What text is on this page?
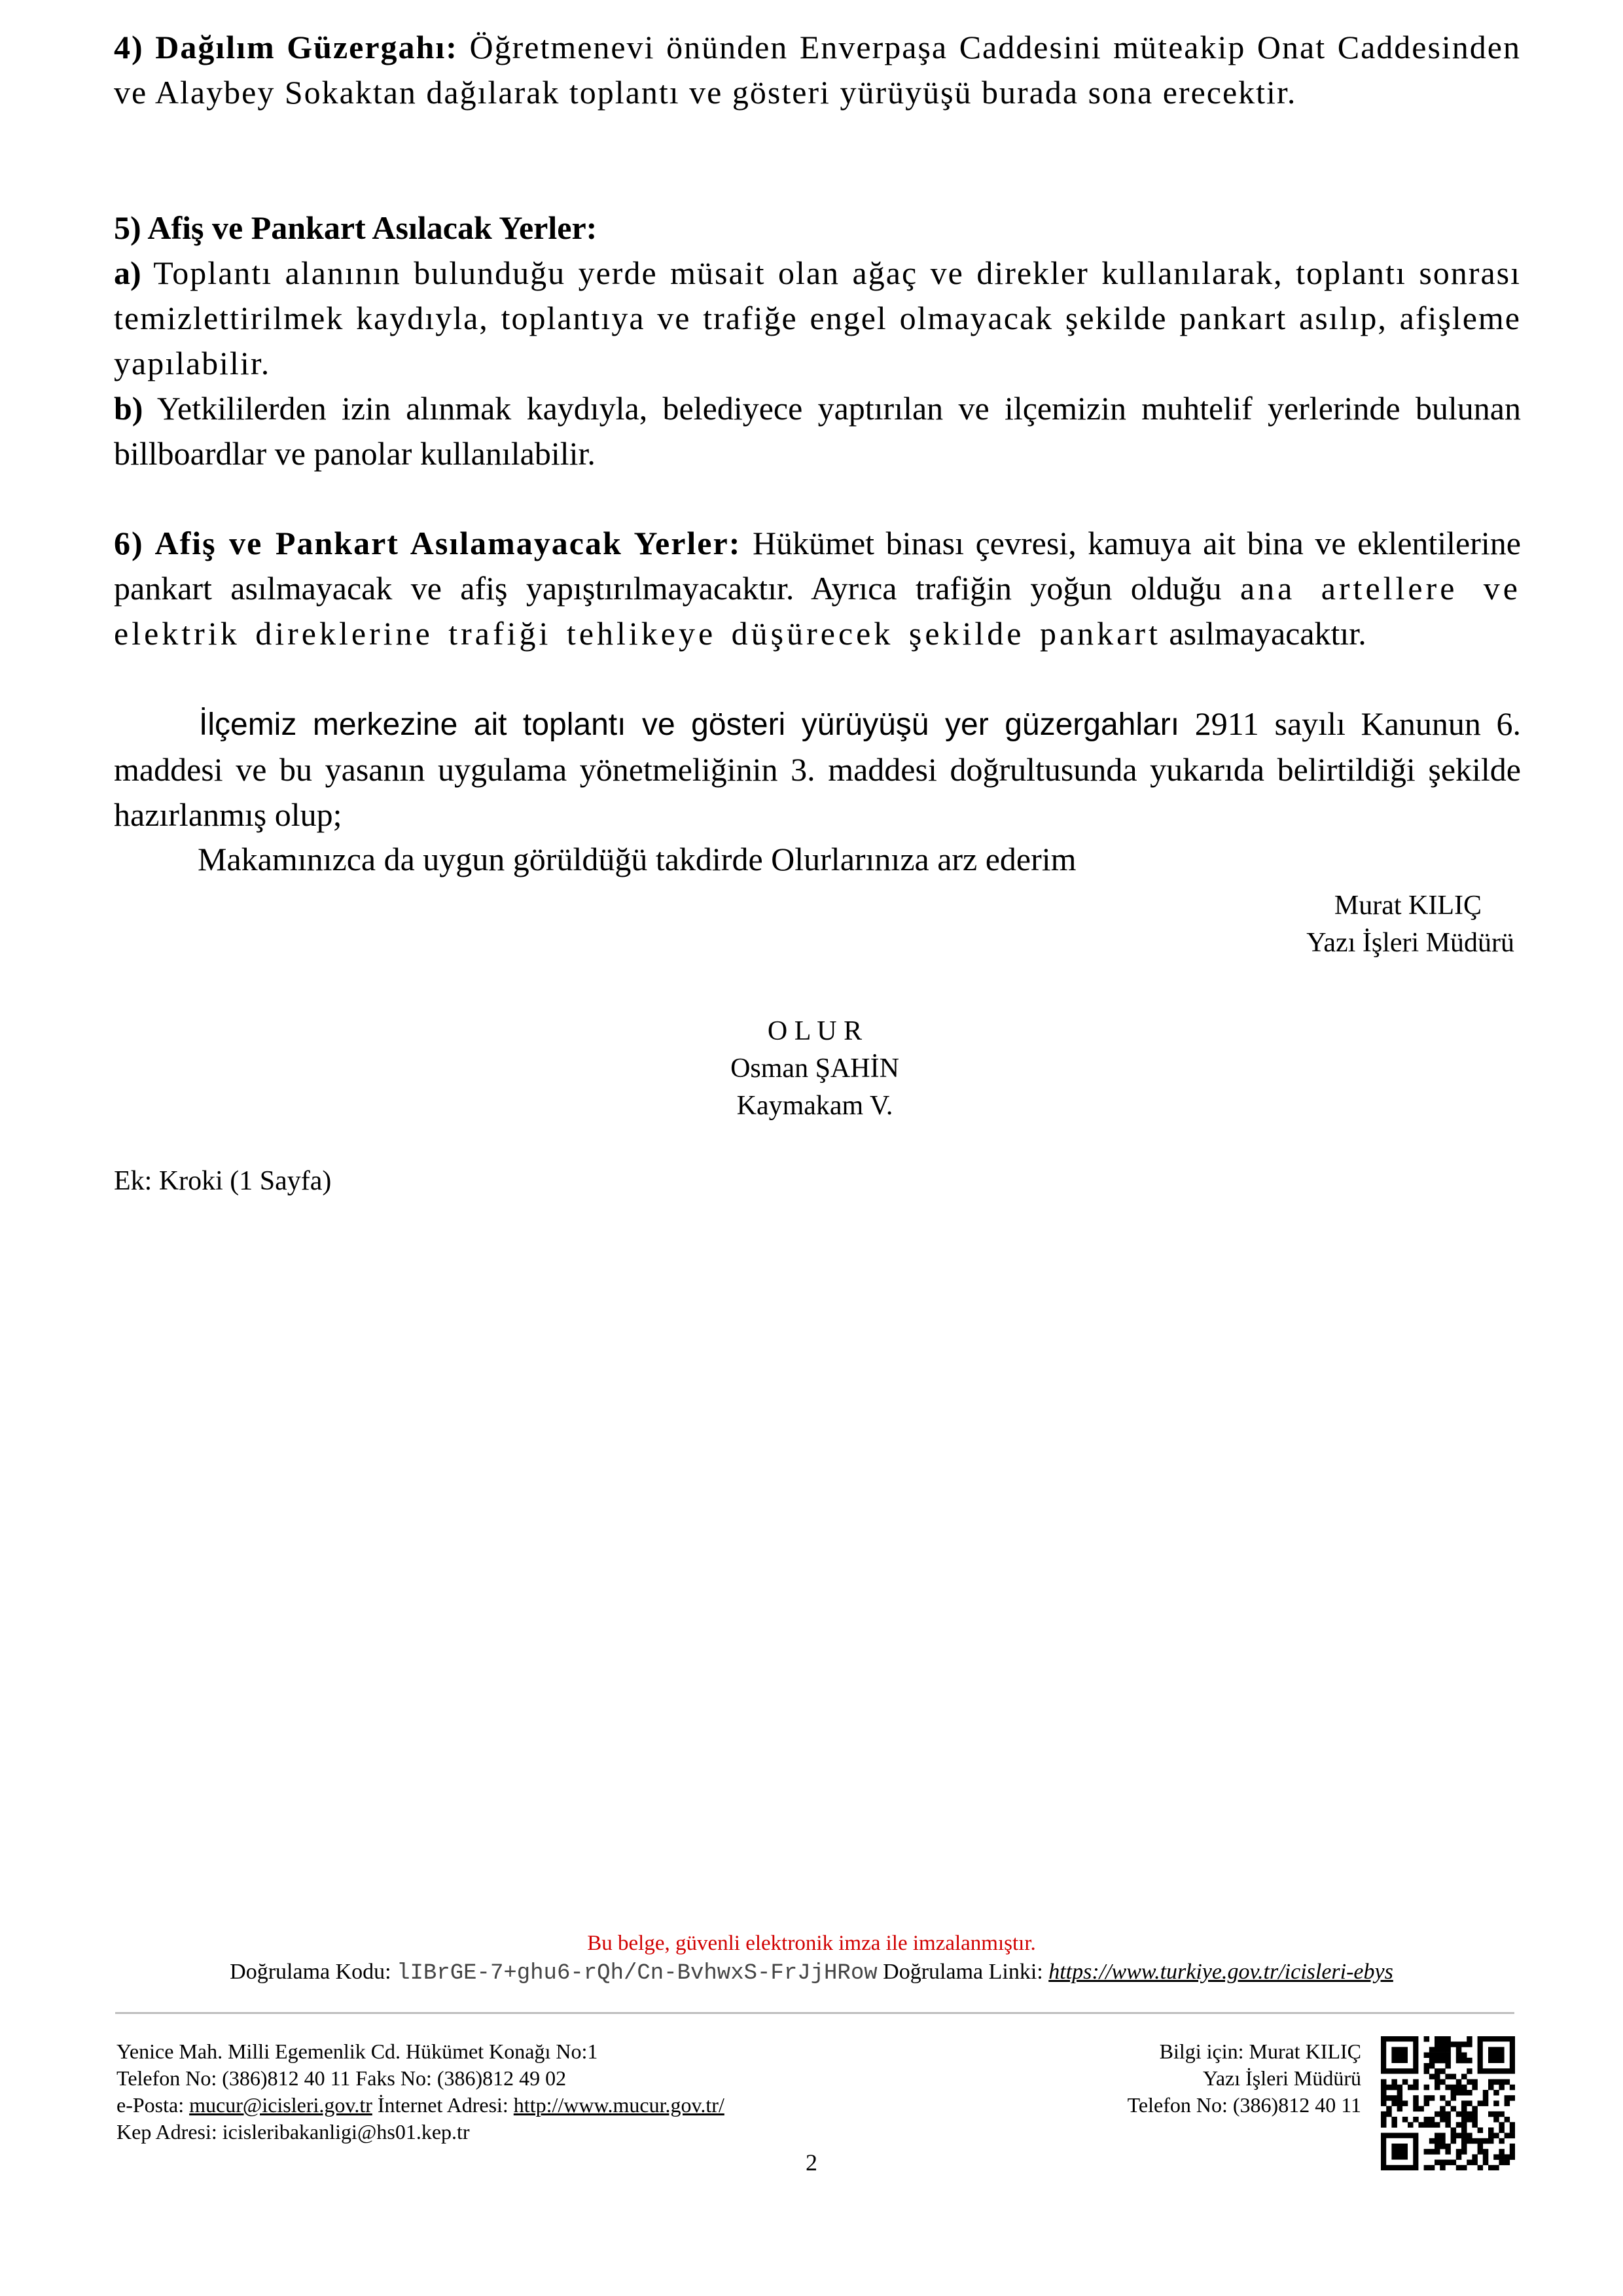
4) Dağılım Güzergahı: Öğretmenevi önünden Enverpaşa Caddesini müteakip Onat Caddesinden ve Alaybey Sokaktan dağılarak toplantı ve gösteri yürüyüşü burada sona erecektir.

5) Afiş ve Pankart Asılacak Yerler:
a) Toplantı alanının bulunduğu yerde müsait olan ağaç ve direkler kullanılarak, toplantı sonrası temizlettirilmek kaydıyla, toplantıya ve trafiğe engel olmayacak şekilde pankart asılıp, afişleme yapılabilir.
b) Yetkililerden izin alınmak kaydıyla, belediyece yaptırılan ve ilçemizin muhtelif yerlerinde bulunan billboardlar ve panolar kullanılabilir.

6) Afiş ve Pankart Asılamayacak Yerler: Hükümet binası çevresi, kamuya ait bina ve eklentilerine pankart asılmayacak ve afiş yapıştırılmayacaktır. Ayrıca trafiğin yoğun olduğu ana artellere ve elektrik direklerine trafiği tehlikeye düşürecek şekilde pankart asılmayacaktır.

İlçemiz merkezine ait toplantı ve gösteri yürüyüşü yer güzergahları 2911 sayılı Kanunun 6. maddesi ve bu yasanın uygulama yönetmeliğinin 3. maddesi doğrultusunda yukarıda belirtildiği şekilde hazırlanmış olup;

Makamınızca da uygun görüldüğü takdirde Olurlarınıza arz ederim

Murat KILIÇ
Yazı İşleri Müdürü
O L U R
Osman ŞAHİN
Kaymakam V.
Ek: Kroki (1 Sayfa)
Bu belge, güvenli elektronik imza ile imzalanmıştır.
Doğrulama Kodu: lIBrGE-7+ghu6-rQh/Cn-BvhwxS-FrJjHRow Doğrulama Linki: https://www.turkiye.gov.tr/icisleri-ebys
Yenice Mah. Milli Egemenlik Cd. Hükümet Konağı No:1
Telefon No: (386)812 40 11 Faks No: (386)812 49 02
e-Posta: mucur@icisleri.gov.tr İnternet Adresi: http://www.mucur.gov.tr/
Kep Adresi: icisleribakanligi@hs01.kep.tr
Bilgi için: Murat KILIÇ
Yazı İşleri Müdürü
Telefon No: (386)812 40 11
2
